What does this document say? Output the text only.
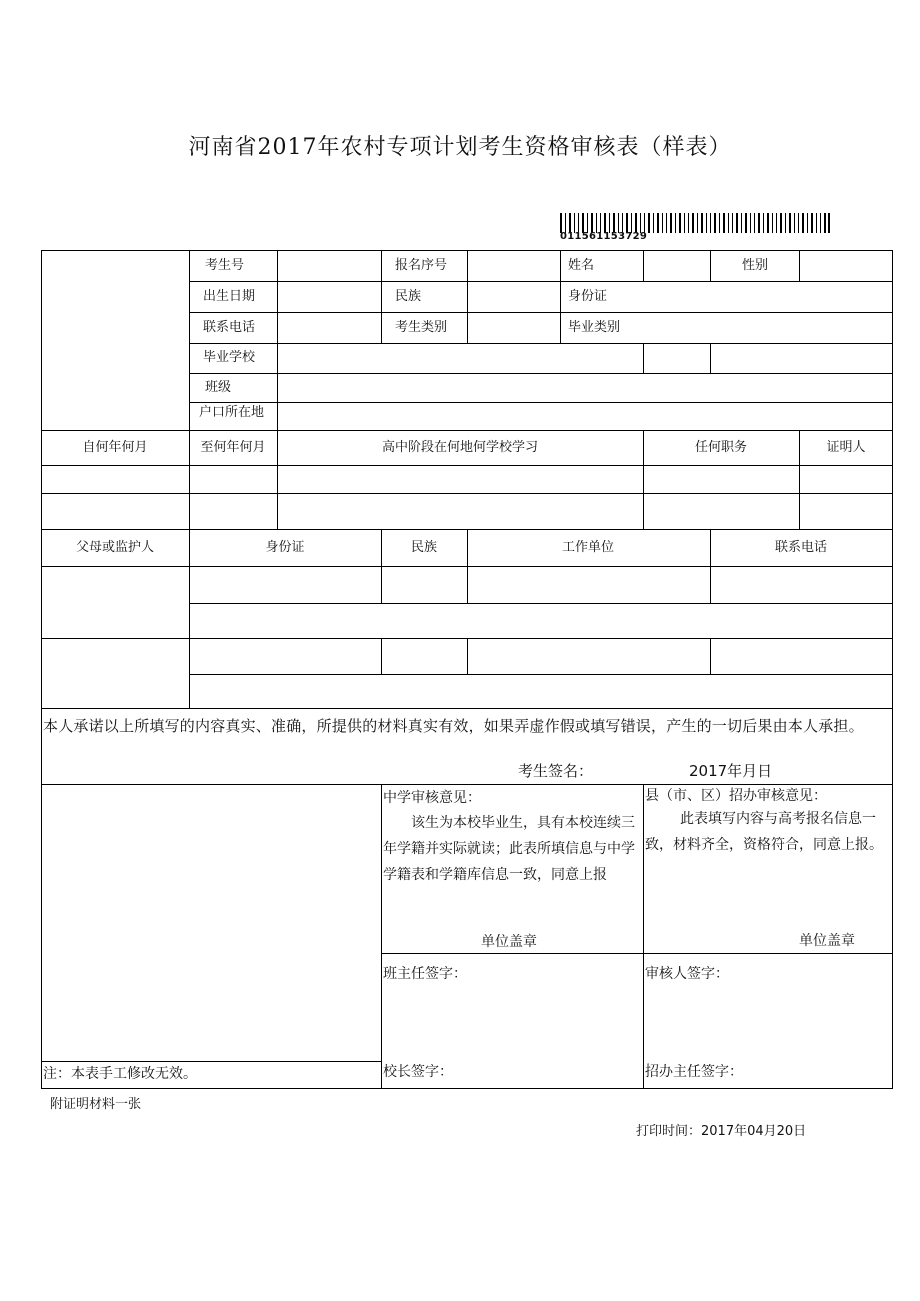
河南省2017年农村专项计划考生资格审核表（样表）
011561153729
考生号	报名序号	姓名	性别
出生日期	民族	身份证
联系电话	考生类别	毕业类别
毕业学校
班级
户口所在地
自何年何月	至何年何月	高中阶段在何地何学校学习	任何职务	证明人
父母或监护人	身份证	民族	工作单位	联系电话
本人承诺以上所填写的内容真实、准确，所提供的材料真实有效，如果弄虚作假或填写错误，产生的一切后果由本人承担。
考生签名：	2017年月日
中学审核意见：
该生为本校毕业生，具有本校连续三年学籍并实际就读；此表所填信息与中学学籍表和学籍库信息一致，同意上报
单位盖章
班主任签字：
校长签字：
县（市、区）招办审核意见：
此表填写内容与高考报名信息一致，材料齐全，资格符合，同意上报。
单位盖章
审核人签字：
招办主任签字：
注：本表手工修改无效。
附证明材料一张
打印时间：2017年04月20日
